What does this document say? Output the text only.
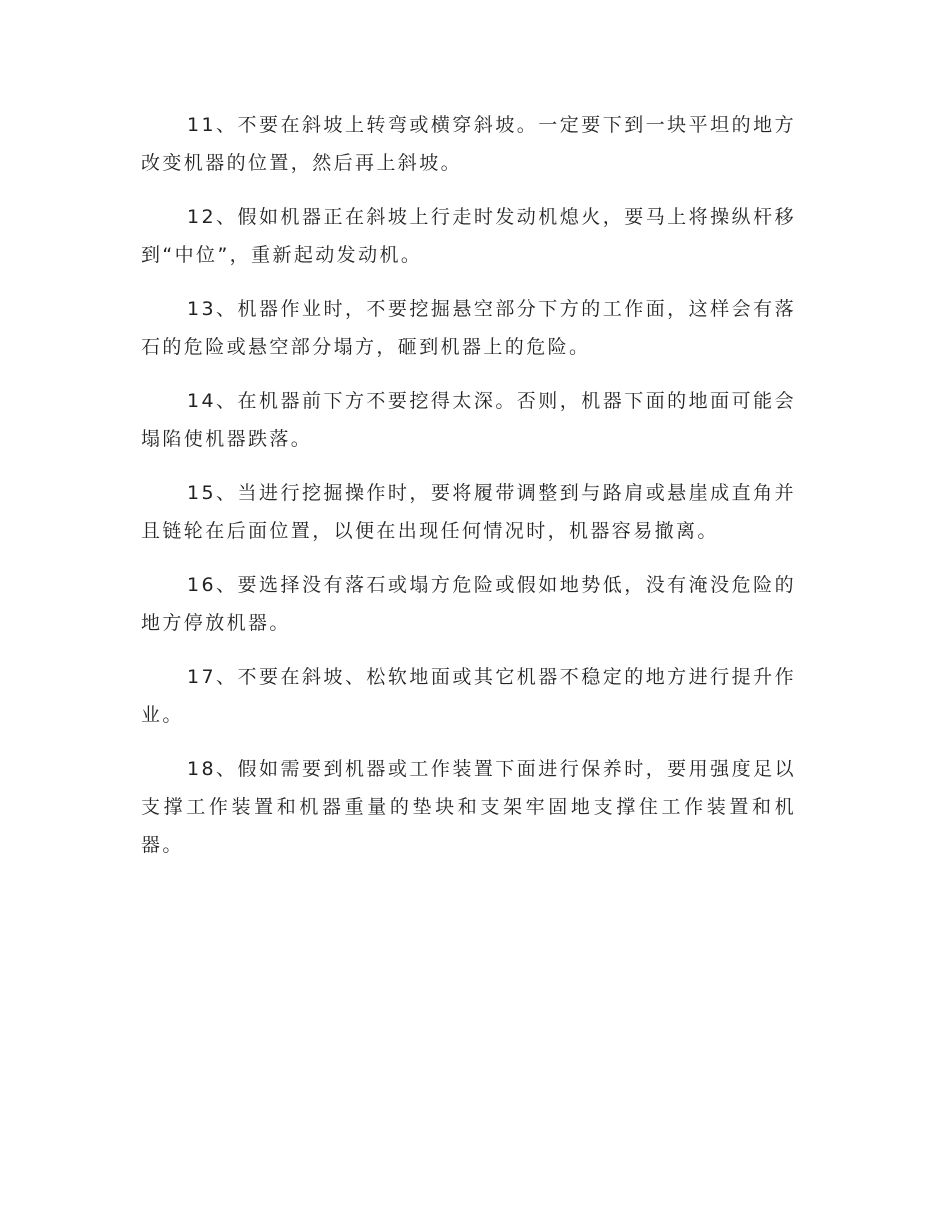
11、不要在斜坡上转弯或横穿斜坡。一定要下到一块平坦的地方改变机器的位置，然后再上斜坡。

12、假如机器正在斜坡上行走时发动机熄火，要马上将操纵杆移到“中位”，重新起动发动机。

13、机器作业时，不要挖掘悬空部分下方的工作面，这样会有落石的危险或悬空部分塌方，砸到机器上的危险。

14、在机器前下方不要挖得太深。否则，机器下面的地面可能会塌陷使机器跌落。

15、当进行挖掘操作时，要将履带调整到与路肩或悬崖成直角并且链轮在后面位置，以便在出现任何情况时，机器容易撤离。

16、要选择没有落石或塌方危险或假如地势低，没有淹没危险的地方停放机器。

17、不要在斜坡、松软地面或其它机器不稳定的地方进行提升作业。

18、假如需要到机器或工作装置下面进行保养时，要用强度足以支撑工作装置和机器重量的垫块和支架牢固地支撑住工作装置和机器。
